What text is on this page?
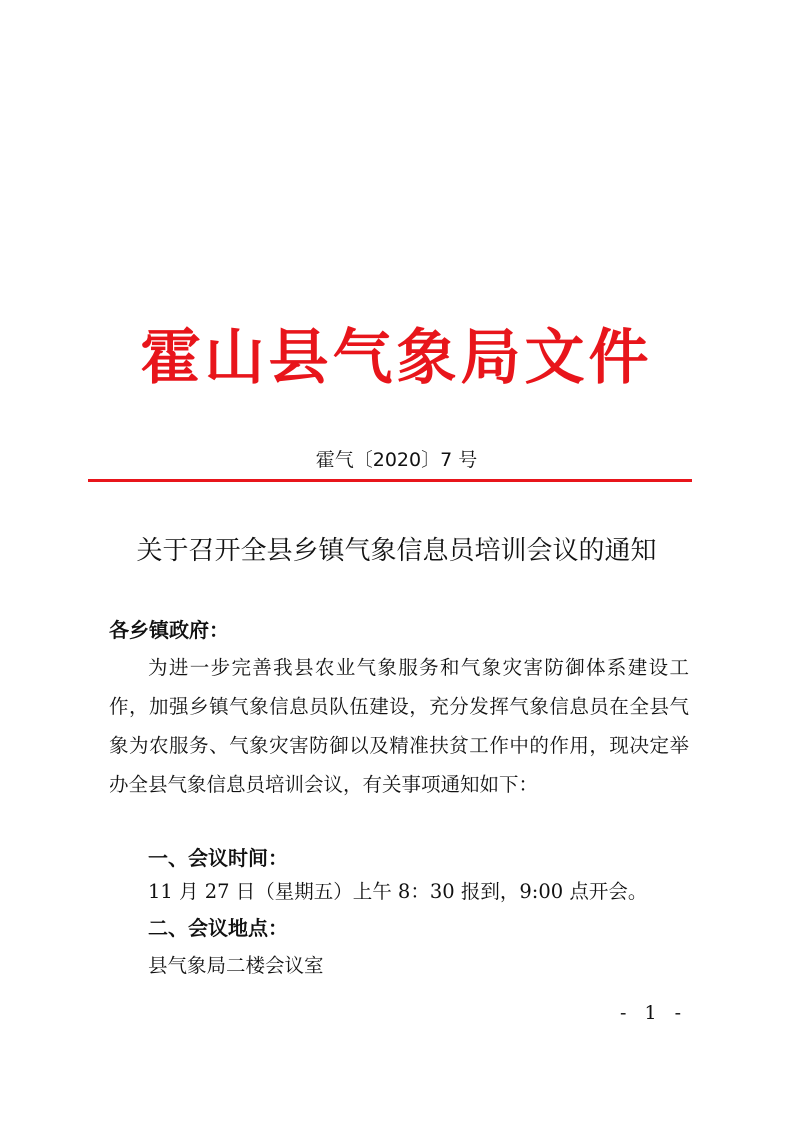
霍山县气象局文件
霍气〔2020〕7 号
关于召开全县乡镇气象信息员培训会议的通知
各乡镇政府：

为进一步完善我县农业气象服务和气象灾害防御体系建设工作，加强乡镇气象信息员队伍建设，充分发挥气象信息员在全县气象为农服务、气象灾害防御以及精准扶贫工作中的作用，现决定举办全县气象信息员培训会议，有关事项通知如下：

一、会议时间：
11 月 27 日（星期五）上午 8：30 报到，9:00 点开会。
二、会议地点：
县气象局二楼会议室
- 1 -
